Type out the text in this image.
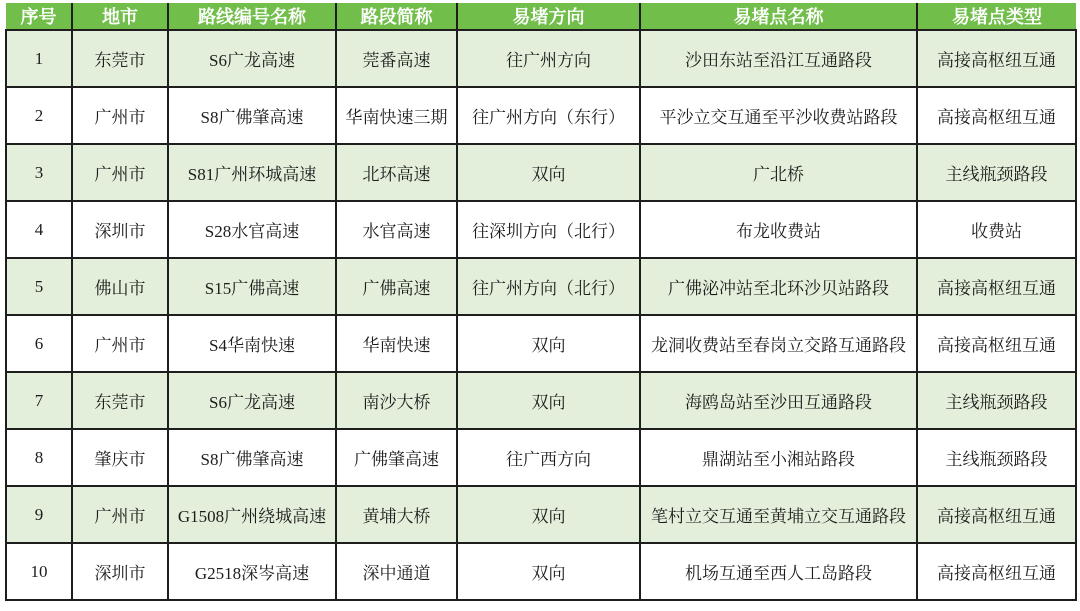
序号	地市	路线编号名称	路段简称	易堵方向	易堵点名称	易堵点类型
1	东莞市	S6广龙高速	莞番高速	往广州方向	沙田东站至沿江互通路段	高接高枢纽互通
2	广州市	S8广佛肇高速	华南快速三期	往广州方向（东行）	平沙立交互通至平沙收费站路段	高接高枢纽互通
3	广州市	S81广州环城高速	北环高速	双向	广北桥	主线瓶颈路段
4	深圳市	S28水官高速	水官高速	往深圳方向（北行）	布龙收费站	收费站
5	佛山市	S15广佛高速	广佛高速	往广州方向（北行）	广佛泌冲站至北环沙贝站路段	高接高枢纽互通
6	广州市	S4华南快速	华南快速	双向	龙洞收费站至春岗立交路互通路段	高接高枢纽互通
7	东莞市	S6广龙高速	南沙大桥	双向	海鸥岛站至沙田互通路段	主线瓶颈路段
8	肇庆市	S8广佛肇高速	广佛肇高速	往广西方向	鼎湖站至小湘站路段	主线瓶颈路段
9	广州市	G1508广州绕城高速	黄埔大桥	双向	笔村立交互通至黄埔立交互通路段	高接高枢纽互通
10	深圳市	G2518深岑高速	深中通道	双向	机场互通至西人工岛路段	高接高枢纽互通
